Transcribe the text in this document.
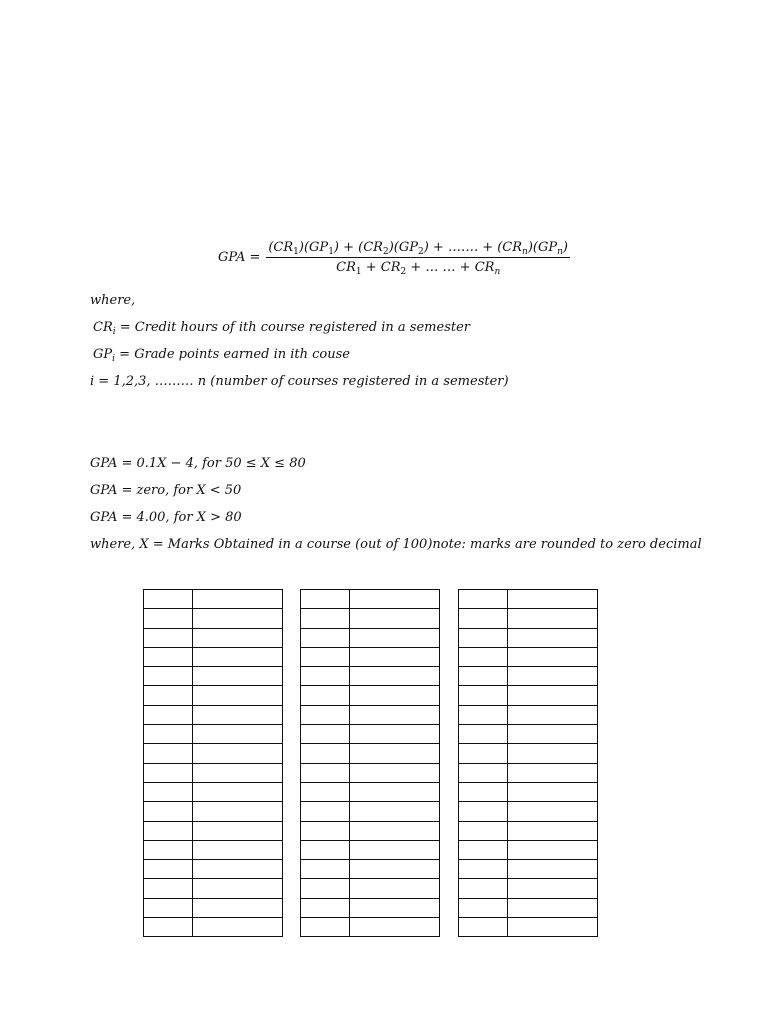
GPA = $\frac{(CR_1)(GP_1) + (CR_2)(GP_2) + \dots\dots. + (CR_n)(GP_n)}{CR_1 + CR_2 + \dots \dots + CR_n}$
where,
$CR_i$ = Credit hours of ith course registered in a semester
$GP_i$ = Grade points earned in ith couse
i = 1,2,3, ……… n (number of courses registered in a semester)
GPA = 0.1X − 4, for 50 ≤ X ≤ 80
GPA = zero, for X < 50
GPA = 4.00, for X > 80
where, X = Marks Obtained in a course (out of 100)note: marks are rounded to zero decimal
